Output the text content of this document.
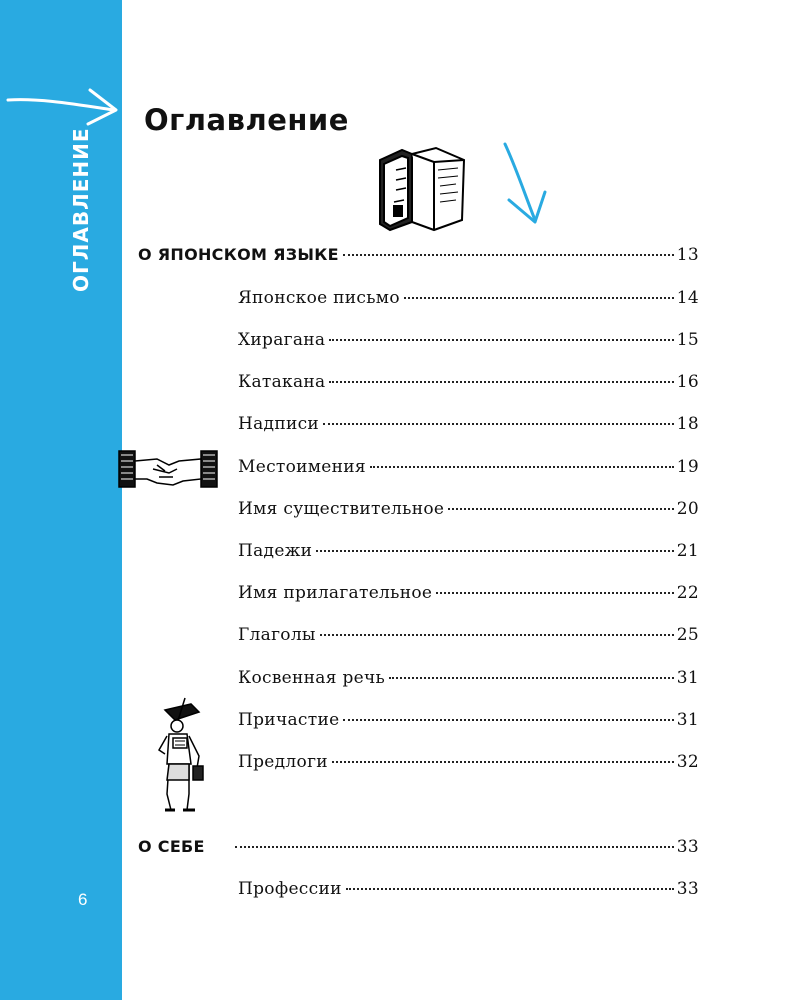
ОГЛАВЛЕНИЕ
6
Оглавление
О ЯПОНСКОМ ЯЗЫКЕ	13
Японское письмо	14
Хирагана	15
Катакана	16
Надписи	18
Местоимения	19
Имя существительное	20
Падежи	21
Имя прилагательное	22
Глаголы	25
Косвенная речь	31
Причастие	31
Предлоги	32
О СЕБЕ	33
Профессии	33
